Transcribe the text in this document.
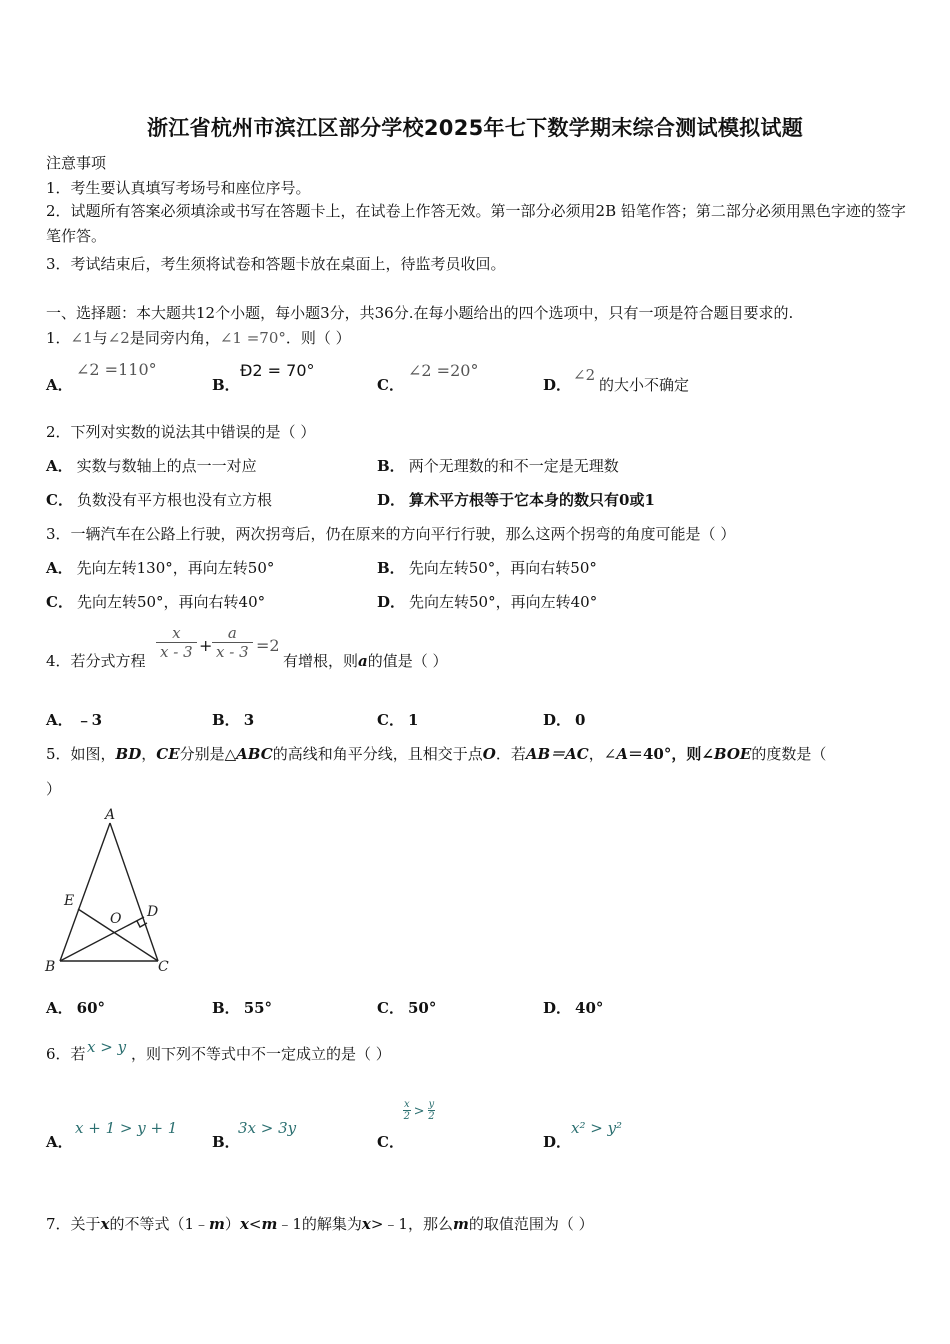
浙江省杭州市滨江区部分学校2025年七下数学期末综合测试模拟试题
注意事项
1．考生要认真填写考场号和座位序号。
2．试题所有答案必须填涂或书写在答题卡上，在试卷上作答无效。第一部分必须用2B 铅笔作答；第二部分必须用黑色字迹的签字笔作答。
3．考试结束后，考生须将试卷和答题卡放在桌面上，待监考员收回。
一、选择题：本大题共12个小题，每小题3分，共36分.在每小题给出的四个选项中，只有一项是符合题目要求的.
1．∠1与∠2是同旁内角，∠1 =70°．则（ ）
A．
∠2 =110°
B．
Ð2 = 70°
C．
∠2 =20°
D．
∠2
的大小不确定
2．下列对实数的说法其中错误的是（ ）
A． 实数与数轴上的点一一对应	B． 两个无理数的和不一定是无理数
C． 负数没有平方根也没有立方根	D． 算术平方根等于它本身的数只有0或1
3．一辆汽车在公路上行驶，两次拐弯后，仍在原来的方向平行行驶，那么这两个拐弯的角度可能是（ ）
A． 先向左转130°，再向左转50°	B． 先向左转50°，再向右转50°
C． 先向左转50°，再向右转40°	D． 先向左转50°，再向左转40°
4．若分式方程 $\frac{x}{x - 3} + \frac{a}{x - 3} =2$
有增根，则a的值是（ ）
A． ﹣3	B． 3	C． 1	D． 0
5．如图，BD，CE分别是△ABC的高线和角平分线，且相交于点O．若AB＝AC，∠A＝40°，则∠BOE的度数是（
）
A
E
O D
B	C
A． 60°	B． 55°	C． 50°	D． 40°
6．若 x > y ，则下列不等式中不一定成立的是（ ）
A．
x + 1 > y + 1
B．
3x > 3y
C．
$\frac{x}{2} > \frac{y}{2}$
D．
x² > y²
7．关于x的不等式（1﹣m）x<m﹣1的解集为x>﹣1，那么m的取值范围为（ ）
